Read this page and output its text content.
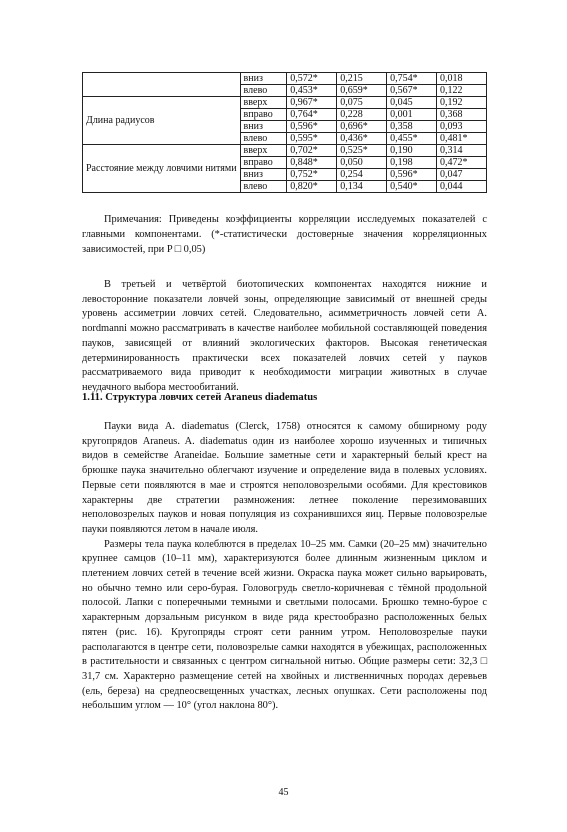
	вниз	0,572*	0,215	0,754*	0,018
	влево	0,453*	0,659*	0,567*	0,122
Длина радиусов	вверх	0,967*	0,075	0,045	0,192
	вправо	0,764*	0,228	0,001	0,368
	вниз	0,596*	0,696*	0,358	0,093
	влево	0,595*	0,436*	0,455*	0,481*
Расстояние между ловчими нитями	вверх	0,702*	0,525*	0,190	0,314
	вправо	0,848*	0,050	0,198	0,472*
	вниз	0,752*	0,254	0,596*	0,047
	влево	0,820*	0,134	0,540*	0,044

Примечания: Приведены коэффициенты корреляции исследуемых показателей с главными компонентами. (*-статистически достоверные значения корреляционных зависимостей, при P □ 0,05)

В третьей и четвёртой биотопических компонентах находятся нижние и левосторонние показатели ловчей зоны, определяющие зависимый от внешней среды уровень ассиметрии ловчих сетей. Следовательно, асимметричность ловчей сети A. nordmanni можно рассматривать в качестве наиболее мобильной составляющей поведения пауков, зависящей от влияний экологических факторов. Высокая генетическая детерминированность практически всех показателей ловчих сетей у пауков рассматриваемого вида приводит к необходимости миграции животных в случае неудачного выбора местообитаний.

1.11. Структура ловчих сетей Araneus diadematus

Пауки вида A. diadematus (Clerck, 1758) относятся к самому обширному роду кругопрядов Araneus. A. diadematus один из наиболее хорошо изученных и типичных видов в семействе Araneidae. Большие заметные сети и характерный белый крест на брюшке паука значительно облегчают изучение и определение вида в полевых условиях. Первые сети появляются в мае и строятся неполовозрелыми особями. Для крестовиков характерны две стратегии размножения: летнее поколение перезимовавших неполовозрелых пауков и новая популяция из сохранившихся яиц. Первые половозрелые пауки появляются летом в начале июля.

Размеры тела паука колеблются в пределах 10–25 мм. Самки (20–25 мм) значительно крупнее самцов (10–11 мм), характеризуются более длинным жизненным циклом и плетением ловчих сетей в течение всей жизни. Окраска паука может сильно варьировать, но обычно темно или серо-бурая. Головогрудь светло-коричневая с тёмной продольной полосой. Лапки с поперечными темными и светлыми полосами. Брюшко темно-бурое с характерным дорзальным рисунком в виде ряда крестообразно расположенных белых пятен (рис. 16). Кругопряды строят сети ранним утром. Неполовозрелые пауки располагаются в центре сети, половозрелые самки находятся в убежищах, расположенных в растительности и связанных с центром сигнальной нитью. Общие размеры сети: 32,3 □ 31,7 см. Характерно размещение сетей на хвойных и лиственничных породах деревьев (ель, береза) на средneосвещенных участках, лесных опушках. Сети расположены под небольшим углом — 10° (угол наклона 80°).

45
